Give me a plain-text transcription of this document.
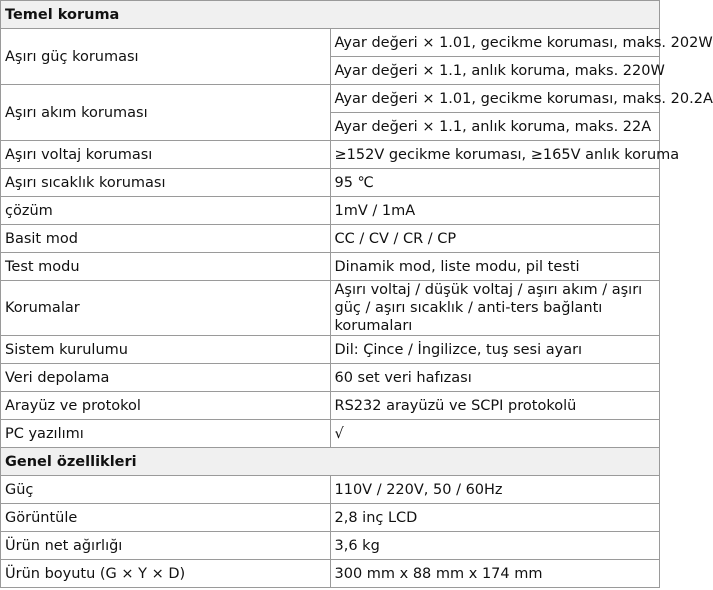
Temel koruma	
Aşırı güç koruması	Ayar değeri × 1.01, gecikme koruması, maks. 202W
	Ayar değeri × 1.1, anlık koruma, maks. 220W
Aşırı akım koruması	Ayar değeri × 1.01, gecikme koruması, maks. 20.2A
	Ayar değeri × 1.1, anlık koruma, maks. 22A
Aşırı voltaj koruması	≥152V gecikme koruması, ≥165V anlık koruma
Aşırı sıcaklık koruması	95 ℃
çözüm	1mV / 1mA
Basit mod	CC / CV / CR / CP
Test modu	Dinamik mod, liste modu, pil testi
Korumalar	Aşırı voltaj / düşük voltaj / aşırı akım / aşırı güç / aşırı sıcaklık / anti-ters bağlantı korumaları
Sistem kurulumu	Dil: Çince / İngilizce, tuş sesi ayarı
Veri depolama	60 set veri hafızası
Arayüz ve protokol	RS232 arayüzü ve SCPI protokolü
PC yazılımı	√
Genel özellikleri	
Güç	110V / 220V, 50 / 60Hz
Görüntüle	2,8 inç LCD
Ürün net ağırlığı	3,6 kg
Ürün boyutu (G × Y × D)	300 mm x 88 mm x 174 mm
